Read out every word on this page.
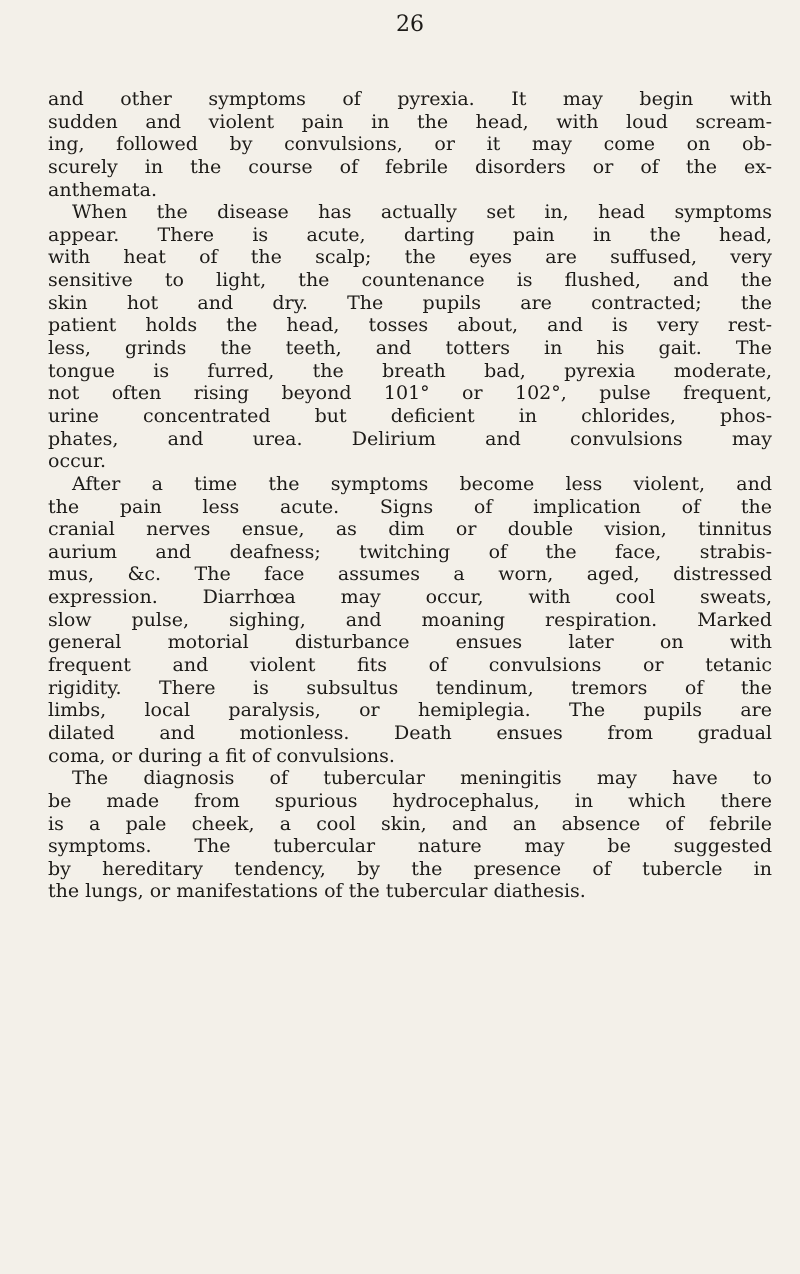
26
and other symptoms of pyrexia. It may begin with
sudden and violent pain in the head, with loud scream-
ing, followed by convulsions, or it may come on ob-
scurely in the course of febrile disorders or of the ex-
anthemata.
When the disease has actually set in, head symptoms
appear. There is acute, darting pain in the head,
with heat of the scalp; the eyes are suffused, very
sensitive to light, the countenance is flushed, and the
skin hot and dry. The pupils are contracted; the
patient holds the head, tosses about, and is very rest-
less, grinds the teeth, and totters in his gait. The
tongue is furred, the breath bad, pyrexia moderate,
not often rising beyond 101° or 102°, pulse frequent,
urine concentrated but deficient in chlorides, phos-
phates, and urea. Delirium and convulsions may
occur.
After a time the symptoms become less violent, and
the pain less acute. Signs of implication of the
cranial nerves ensue, as dim or double vision, tinnitus
aurium and deafness; twitching of the face, strabis-
mus, &c. The face assumes a worn, aged, distressed
expression. Diarrhœa may occur, with cool sweats,
slow pulse, sighing, and moaning respiration. Marked
general motorial disturbance ensues later on with
frequent and violent fits of convulsions or tetanic
rigidity. There is subsultus tendinum, tremors of the
limbs, local paralysis, or hemiplegia. The pupils are
dilated and motionless. Death ensues from gradual
coma, or during a fit of convulsions.
The diagnosis of tubercular meningitis may have to
be made from spurious hydrocephalus, in which there
is a pale cheek, a cool skin, and an absence of febrile
symptoms. The tubercular nature may be suggested
by hereditary tendency, by the presence of tubercle in
the lungs, or manifestations of the tubercular diathesis.
